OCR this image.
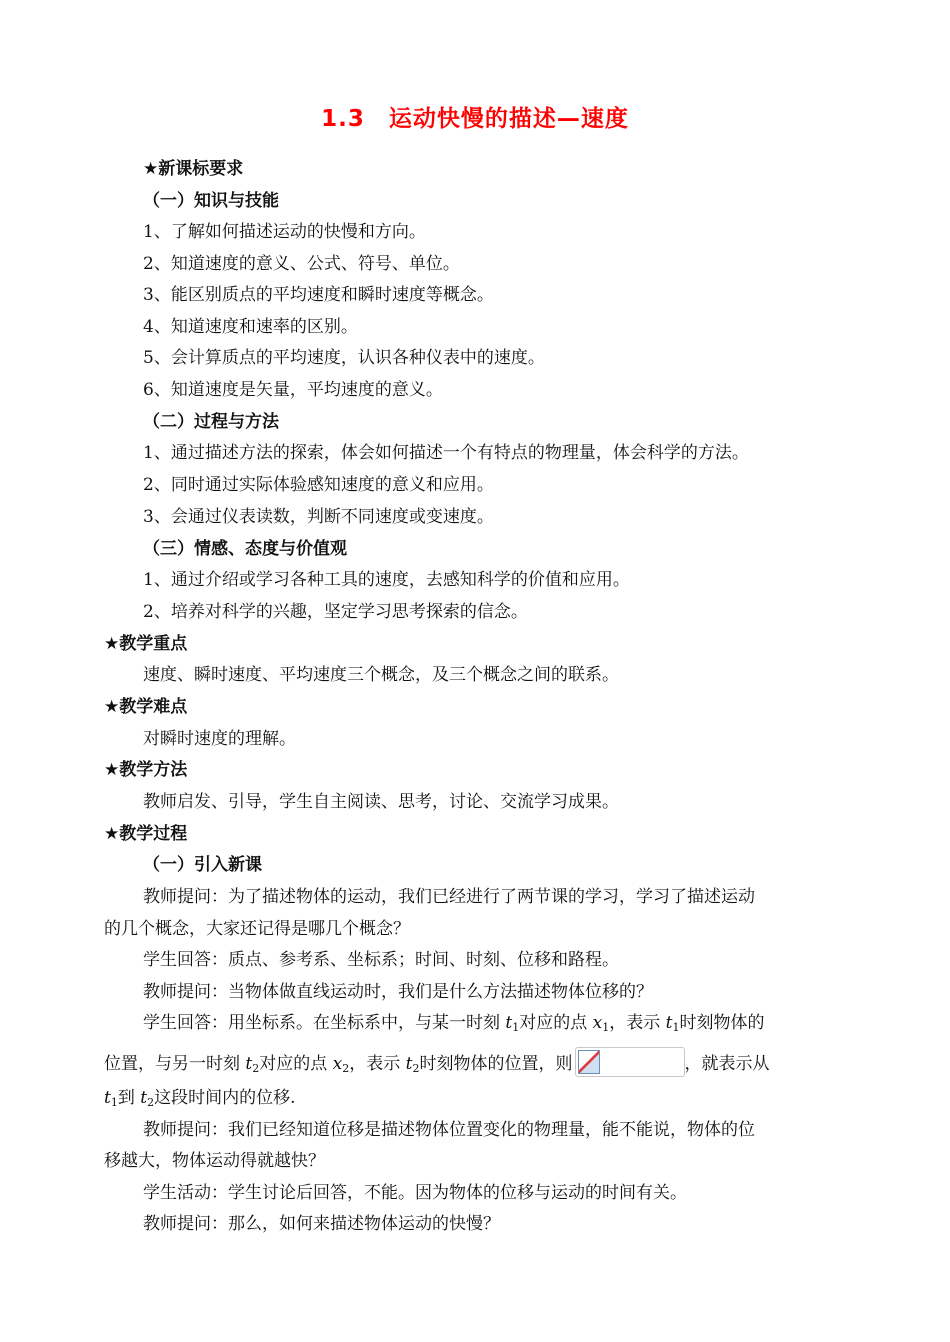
1.3　运动快慢的描述—速度
★新课标要求
（一）知识与技能
1、了解如何描述运动的快慢和方向。
2、知道速度的意义、公式、符号、单位。
3、能区别质点的平均速度和瞬时速度等概念。
4、知道速度和速率的区别。
5、会计算质点的平均速度，认识各种仪表中的速度。
6、知道速度是矢量，平均速度的意义。
（二）过程与方法
1、通过描述方法的探索，体会如何描述一个有特点的物理量，体会科学的方法。
2、同时通过实际体验感知速度的意义和应用。
3、会通过仪表读数，判断不同速度或变速度。
（三）情感、态度与价值观
1、通过介绍或学习各种工具的速度，去感知科学的价值和应用。
2、培养对科学的兴趣，坚定学习思考探索的信念。
★教学重点
速度、瞬时速度、平均速度三个概念，及三个概念之间的联系。
★教学难点
对瞬时速度的理解。
★教学方法
教师启发、引导，学生自主阅读、思考，讨论、交流学习成果。
★教学过程
（一）引入新课
教师提问：为了描述物体的运动，我们已经进行了两节课的学习，学习了描述运动
的几个概念，大家还记得是哪几个概念？
学生回答：质点、参考系、坐标系；时间、时刻、位移和路程。
教师提问：当物体做直线运动时，我们是什么方法描述物体位移的？
学生回答：用坐标系。在坐标系中，与某一时刻 $t_1$对应的点 $x_1$，表示 $t_1$时刻物体的
位置，与另一时刻 $t_2$对应的点 $x_2$，表示 $t_2$时刻物体的位置，则	，就表示从
$t_1$到 $t_2$这段时间内的位移.
教师提问：我们已经知道位移是描述物体位置变化的物理量，能不能说，物体的位
移越大，物体运动得就越快？
学生活动：学生讨论后回答，不能。因为物体的位移与运动的时间有关。
教师提问：那么，如何来描述物体运动的快慢？
